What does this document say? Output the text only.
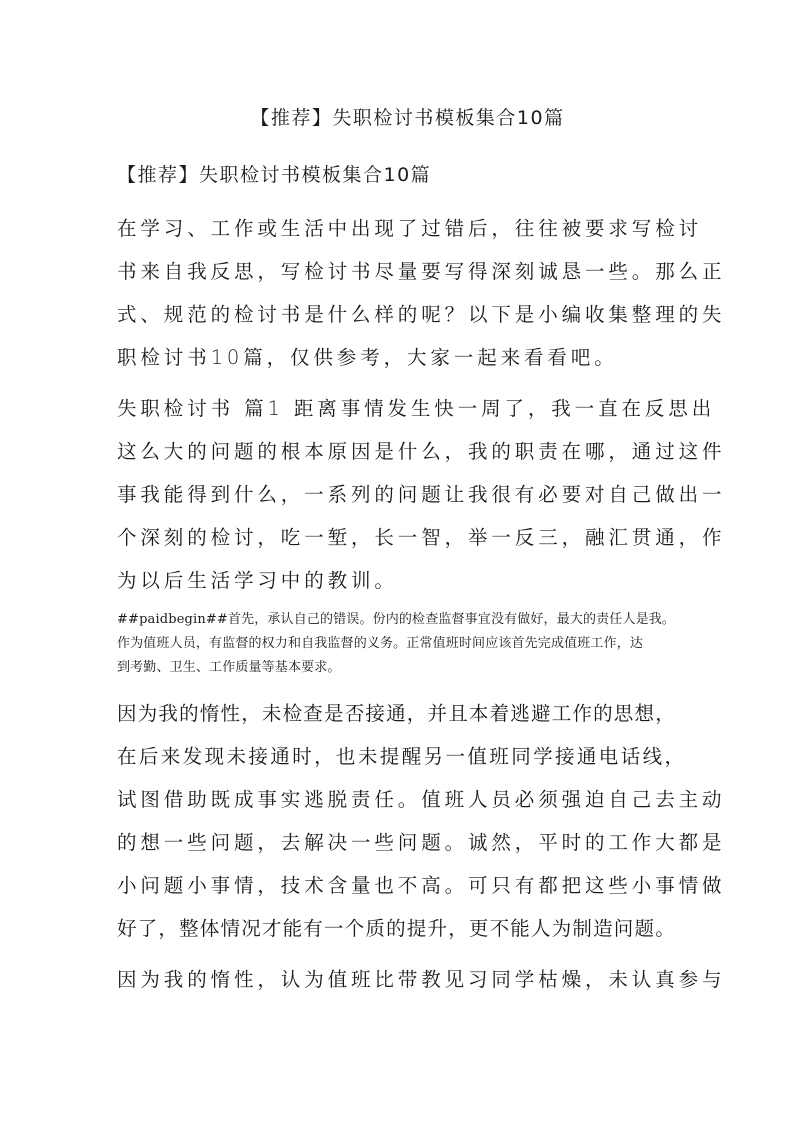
【推荐】失职检讨书模板集合10篇
【推荐】失职检讨书模板集合10篇
在学习、工作或生活中出现了过错后，往往被要求写检讨
书来自我反思，写检讨书尽量要写得深刻诚恳一些。那么正
式、规范的检讨书是什么样的呢？以下是小编收集整理的失
职检讨书10篇，仅供参考，大家一起来看看吧。
失职检讨书 篇1 距离事情发生快一周了，我一直在反思出
这么大的问题的根本原因是什么，我的职责在哪，通过这件
事我能得到什么，一系列的问题让我很有必要对自己做出一
个深刻的检讨，吃一堑，长一智，举一反三，融汇贯通，作
为以后生活学习中的教训。
##paidbegin##首先，承认自己的错误。份内的检查监督事宜没有做好，最大的责任人是我。
作为值班人员，有监督的权力和自我监督的义务。正常值班时间应该首先完成值班工作，达
到考勤、卫生、工作质量等基本要求。
因为我的惰性，未检查是否接通，并且本着逃避工作的思想，
在后来发现未接通时，也未提醒另一值班同学接通电话线，
试图借助既成事实逃脱责任。值班人员必须强迫自己去主动
的想一些问题，去解决一些问题。诚然，平时的工作大都是
小问题小事情，技术含量也不高。可只有都把这些小事情做
好了，整体情况才能有一个质的提升，更不能人为制造问题。
因为我的惰性，认为值班比带教见习同学枯燥，未认真参与
